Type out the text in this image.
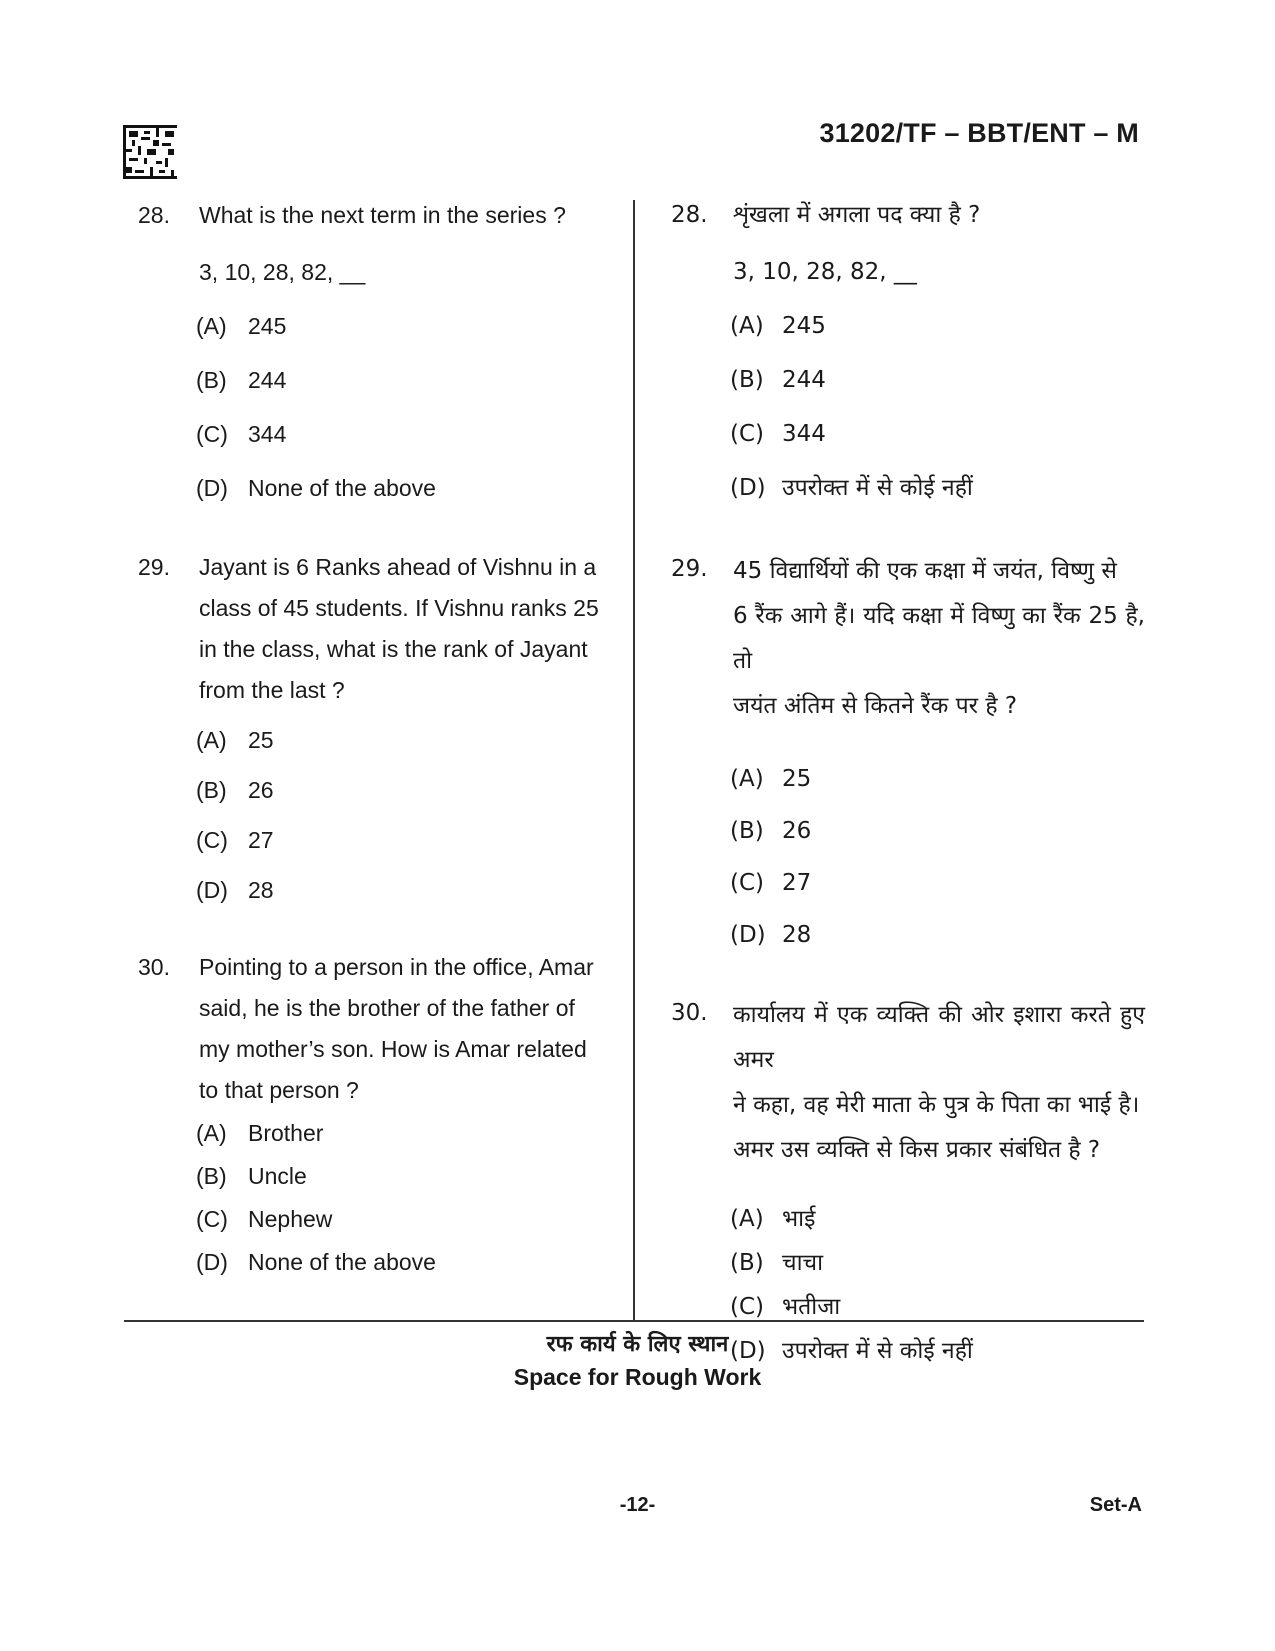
31202/TF – BBT/ENT – M
28. What is the next term in the series ?
3, 10, 28, 82, __
(A) 245
(B) 244
(C) 344
(D) None of the above
29. Jayant is 6 Ranks ahead of Vishnu in a
class of 45 students. If Vishnu ranks 25
in the class, what is the rank of Jayant
from the last ?
(A) 25
(B) 26
(C) 27
(D) 28
30. Pointing to a person in the office, Amar
said, he is the brother of the father of
my mother’s son. How is Amar related
to that person ?
(A) Brother
(B) Uncle
(C) Nephew
(D) None of the above
28. शृंखला में अगला पद क्या है ?
3, 10, 28, 82, __
(A) 245
(B) 244
(C) 344
(D) उपरोक्त में से कोई नहीं
29. 45 विद्यार्थियों की एक कक्षा में जयंत, विष्णु से
6 रैंक आगे हैं। यदि कक्षा में विष्णु का रैंक 25 है, तो
जयंत अंतिम से कितने रैंक पर है ?
(A) 25
(B) 26
(C) 27
(D) 28
30. कार्यालय में एक व्यक्ति की ओर इशारा करते हुए अमर
ने कहा, वह मेरी माता के पुत्र के पिता का भाई है।
अमर उस व्यक्ति से किस प्रकार संबंधित है ?
(A) भाई
(B) चाचा
(C) भतीजा
(D) उपरोक्त में से कोई नहीं
रफ कार्य के लिए स्थान
Space for Rough Work
-12-	Set-A
